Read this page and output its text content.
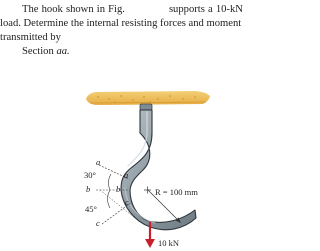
The hook shown in Fig.	supports a 10-kN
load. Determine the internal resisting forces and moment
transmitted by
Section aa.
a
a
b	b
c
c
30°
45°
R = 100 mm
10 kN
